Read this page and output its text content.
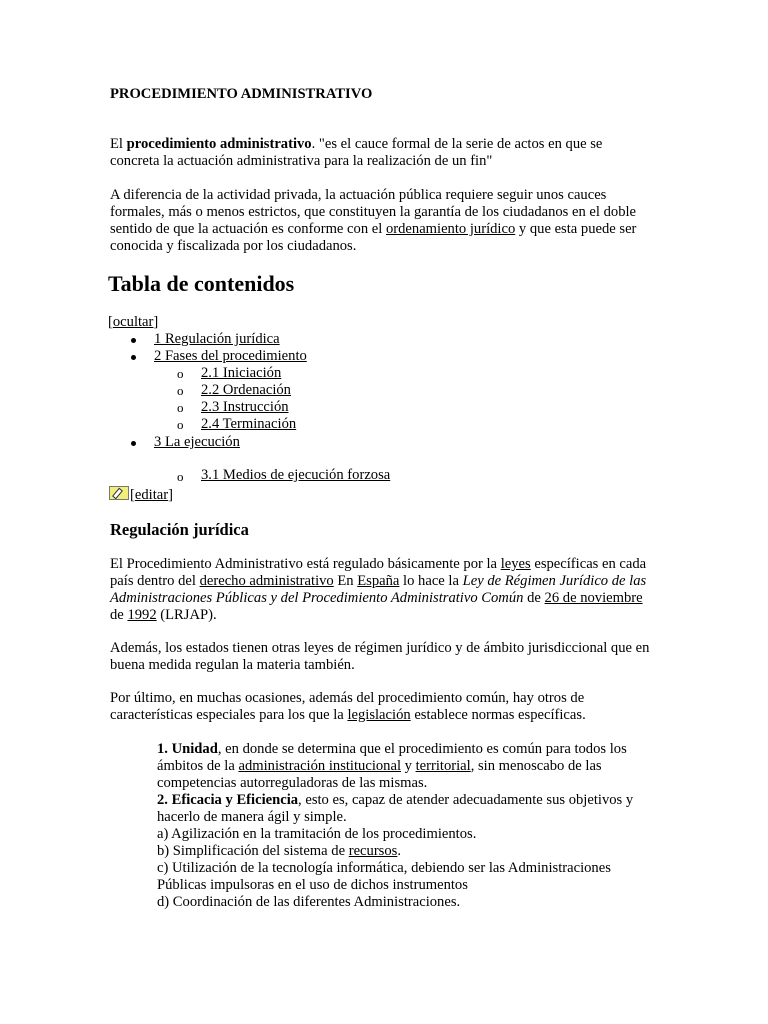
PROCEDIMIENTO ADMINISTRATIVO
El procedimiento administrativo. "es el cauce formal de la serie de actos en que se concreta la actuación administrativa para la realización de un fin"
A diferencia de la actividad privada, la actuación pública requiere seguir unos cauces formales, más o menos estrictos, que constituyen la garantía de los ciudadanos en el doble sentido de que la actuación es conforme con el ordenamiento jurídico y que esta puede ser conocida y fiscalizada por los ciudadanos.
Tabla de contenidos
[ocultar]
1 Regulación jurídica
2 Fases del procedimiento
o 2.1 Iniciación
o 2.2 Ordenación
o 2.3 Instrucción
o 2.4 Terminación
3 La ejecución
o 3.1 Medios de ejecución forzosa
[editar]
Regulación jurídica
El Procedimiento Administrativo está regulado básicamente por la leyes específicas en cada país dentro del derecho administrativo En España lo hace la Ley de Régimen Jurídico de las Administraciones Públicas y del Procedimiento Administrativo Común de 26 de noviembre de 1992 (LRJAP).
Además, los estados tienen otras leyes de régimen jurídico y de ámbito jurisdiccional que en buena medida regulan la materia también.
Por último, en muchas ocasiones, además del procedimiento común, hay otros de características especiales para los que la legislación establece normas específicas.
1. Unidad, en donde se determina que el procedimiento es común para todos los ámbitos de la administración institucional y territorial, sin menoscabo de las competencias autorreguladoras de las mismas.
2. Eficacia y Eficiencia, esto es, capaz de atender adecuadamente sus objetivos y hacerlo de manera ágil y simple.
a) Agilización en la tramitación de los procedimientos.
b) Simplificación del sistema de recursos.
c) Utilización de la tecnología informática, debiendo ser las Administraciones Públicas impulsoras en el uso de dichos instrumentos
d) Coordinación de las diferentes Administraciones.
